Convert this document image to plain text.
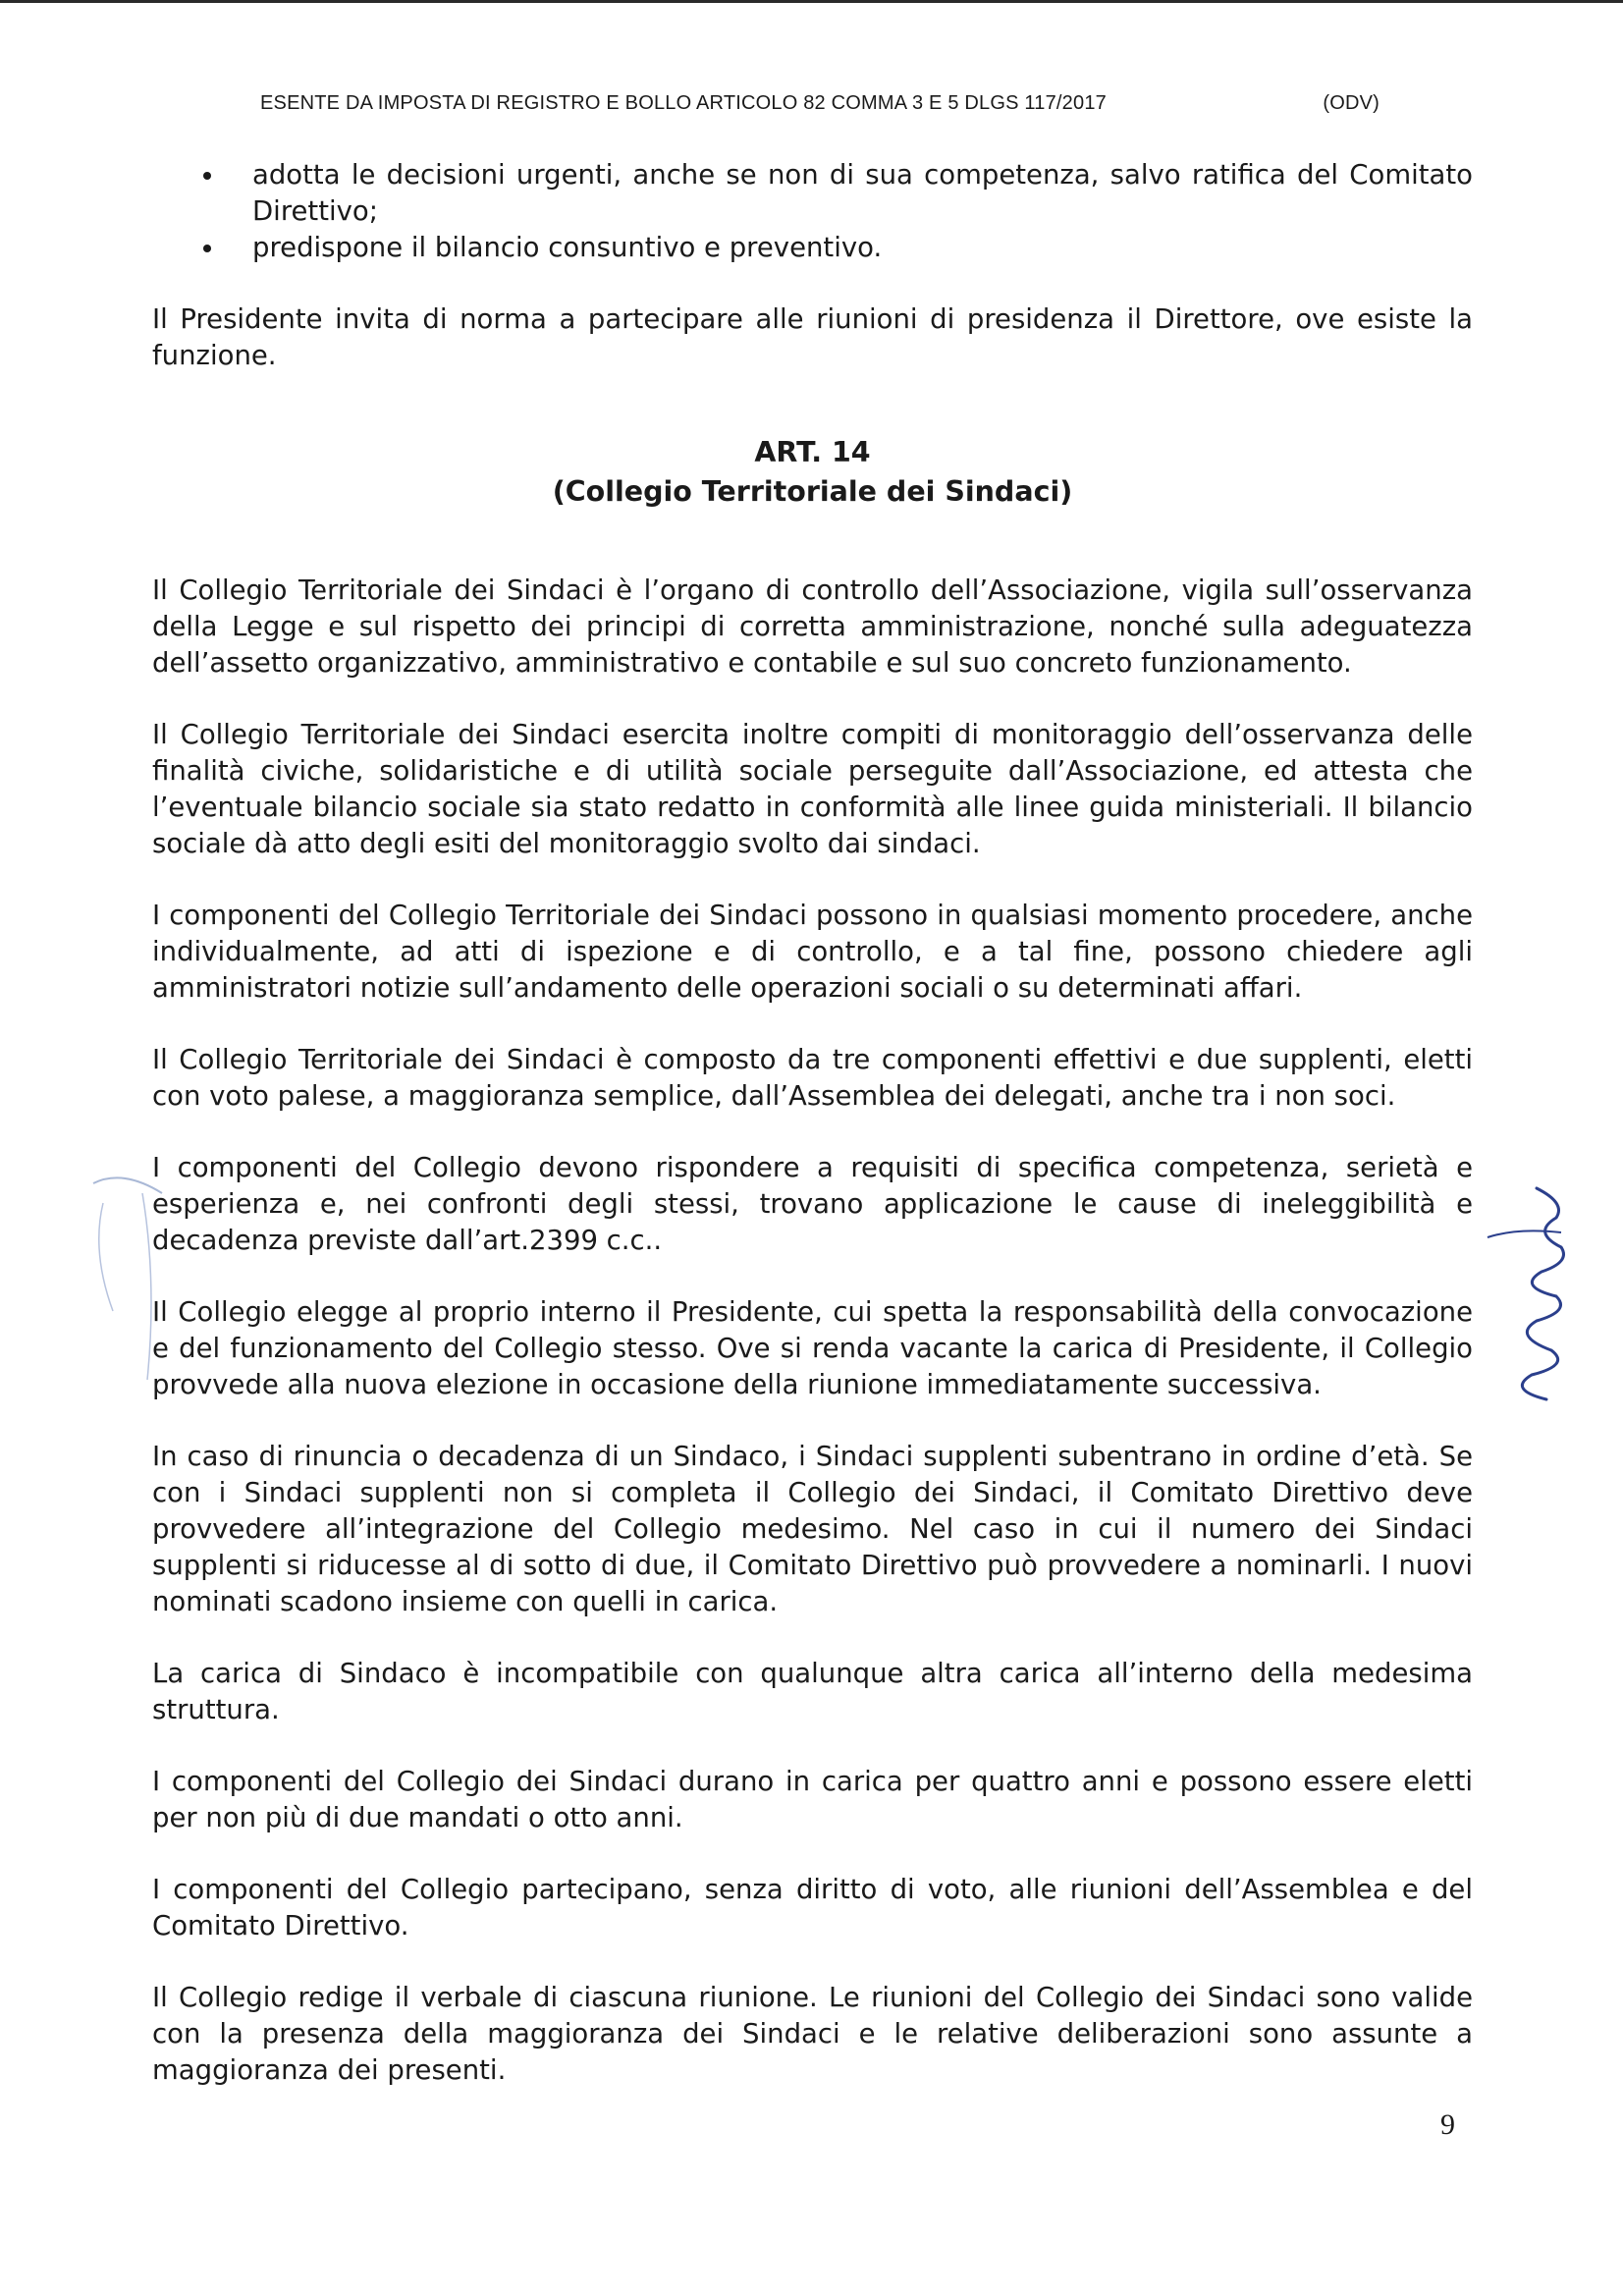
ESENTE DA IMPOSTA DI REGISTRO E BOLLO ARTICOLO 82 COMMA 3 E 5 DLGS 117/2017	(ODV)
adotta le decisioni urgenti, anche se non di sua competenza, salvo ratifica del Comitato Direttivo;
predispone il bilancio consuntivo e preventivo.

Il Presidente invita di norma a partecipare alle riunioni di presidenza il Direttore, ove esiste la funzione.

ART. 14
(Collegio Territoriale dei Sindaci)

Il Collegio Territoriale dei Sindaci è l’organo di controllo dell’Associazione, vigila sull’osservanza della Legge e sul rispetto dei principi di corretta amministrazione, nonché sulla adeguatezza dell’assetto organizzativo, amministrativo e contabile e sul suo concreto funzionamento.

Il Collegio Territoriale dei Sindaci esercita inoltre compiti di monitoraggio dell’osservanza delle finalità civiche, solidaristiche e di utilità sociale perseguite dall’Associazione, ed attesta che l’eventuale bilancio sociale sia stato redatto in conformità alle linee guida ministeriali. Il bilancio sociale dà atto degli esiti del monitoraggio svolto dai sindaci.

I componenti del Collegio Territoriale dei Sindaci possono in qualsiasi momento procedere, anche individualmente, ad atti di ispezione e di controllo, e a tal fine, possono chiedere agli amministratori notizie sull’andamento delle operazioni sociali o su determinati affari.

Il Collegio Territoriale dei Sindaci è composto da tre componenti effettivi e due supplenti, eletti con voto palese, a maggioranza semplice, dall’Assemblea dei delegati, anche tra i non soci.

I componenti del Collegio devono rispondere a requisiti di specifica competenza, serietà e esperienza e, nei confronti degli stessi, trovano applicazione le cause di ineleggibilità e decadenza previste dall’art.2399 c.c..

Il Collegio elegge al proprio interno il Presidente, cui spetta la responsabilità della convocazione e del funzionamento del Collegio stesso. Ove si renda vacante la carica di Presidente, il Collegio provvede alla nuova elezione in occasione della riunione immediatamente successiva.

In caso di rinuncia o decadenza di un Sindaco, i Sindaci supplenti subentrano in ordine d’età. Se con i Sindaci supplenti non si completa il Collegio dei Sindaci, il Comitato Direttivo deve provvedere all’integrazione del Collegio medesimo. Nel caso in cui il numero dei Sindaci supplenti si riducesse al di sotto di due, il Comitato Direttivo può provvedere a nominarli. I nuovi nominati scadono insieme con quelli in carica.

La carica di Sindaco è incompatibile con qualunque altra carica all’interno della medesima struttura.

I componenti del Collegio dei Sindaci durano in carica per quattro anni e possono essere eletti per non più di due mandati o otto anni.

I componenti del Collegio partecipano, senza diritto di voto, alle riunioni dell’Assemblea e del Comitato Direttivo.

Il Collegio redige il verbale di ciascuna riunione. Le riunioni del Collegio dei Sindaci sono valide con la presenza della maggioranza dei Sindaci e le relative deliberazioni sono assunte a maggioranza dei presenti.

9
